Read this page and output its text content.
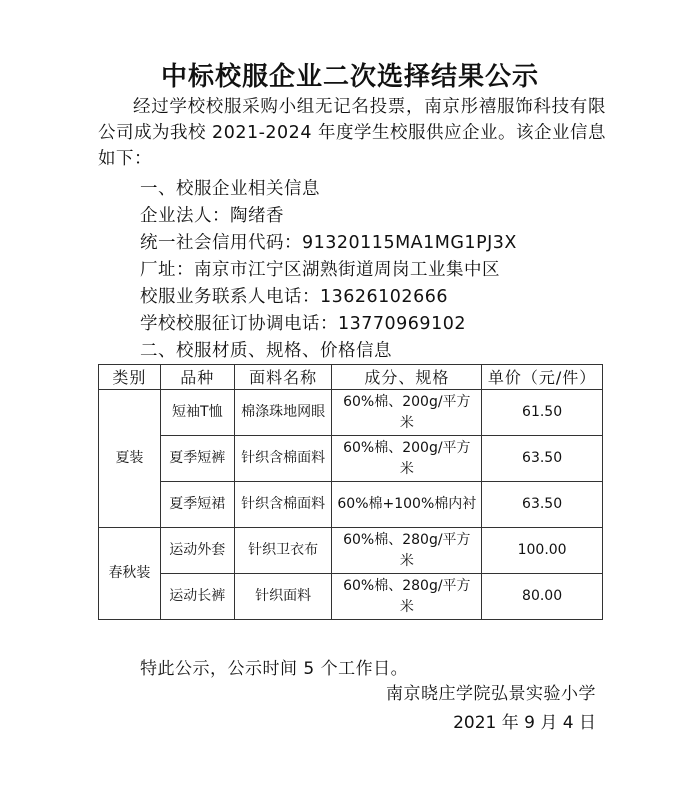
中标校服企业二次选择结果公示
经过学校校服采购小组无记名投票，南京彤禧服饰科技有限公司成为我校 2021-2024 年度学生校服供应企业。该企业信息如下：
一、校服企业相关信息
企业法人：陶绪香
统一社会信用代码：91320115MA1MG1PJ3X
厂址：南京市江宁区湖熟街道周岗工业集中区
校服业务联系人电话：13626102666
学校校服征订协调电话：13770969102
二、校服材质、规格、价格信息
类别	品种	面料名称	成分、规格	单价（元/件）
夏装	短袖T恤	棉涤珠地网眼	60%棉、200g/平方米	61.50
	夏季短裤	针织含棉面料	60%棉、200g/平方米	63.50
	夏季短裙	针织含棉面料	60%棉+100%棉内衬	63.50
春秋装	运动外套	针织卫衣布	60%棉、280g/平方米	100.00
	运动长裤	针织面料	60%棉、280g/平方米	80.00
特此公示，公示时间 5 个工作日。
南京晓庄学院弘景实验小学
2021 年 9 月 4 日
